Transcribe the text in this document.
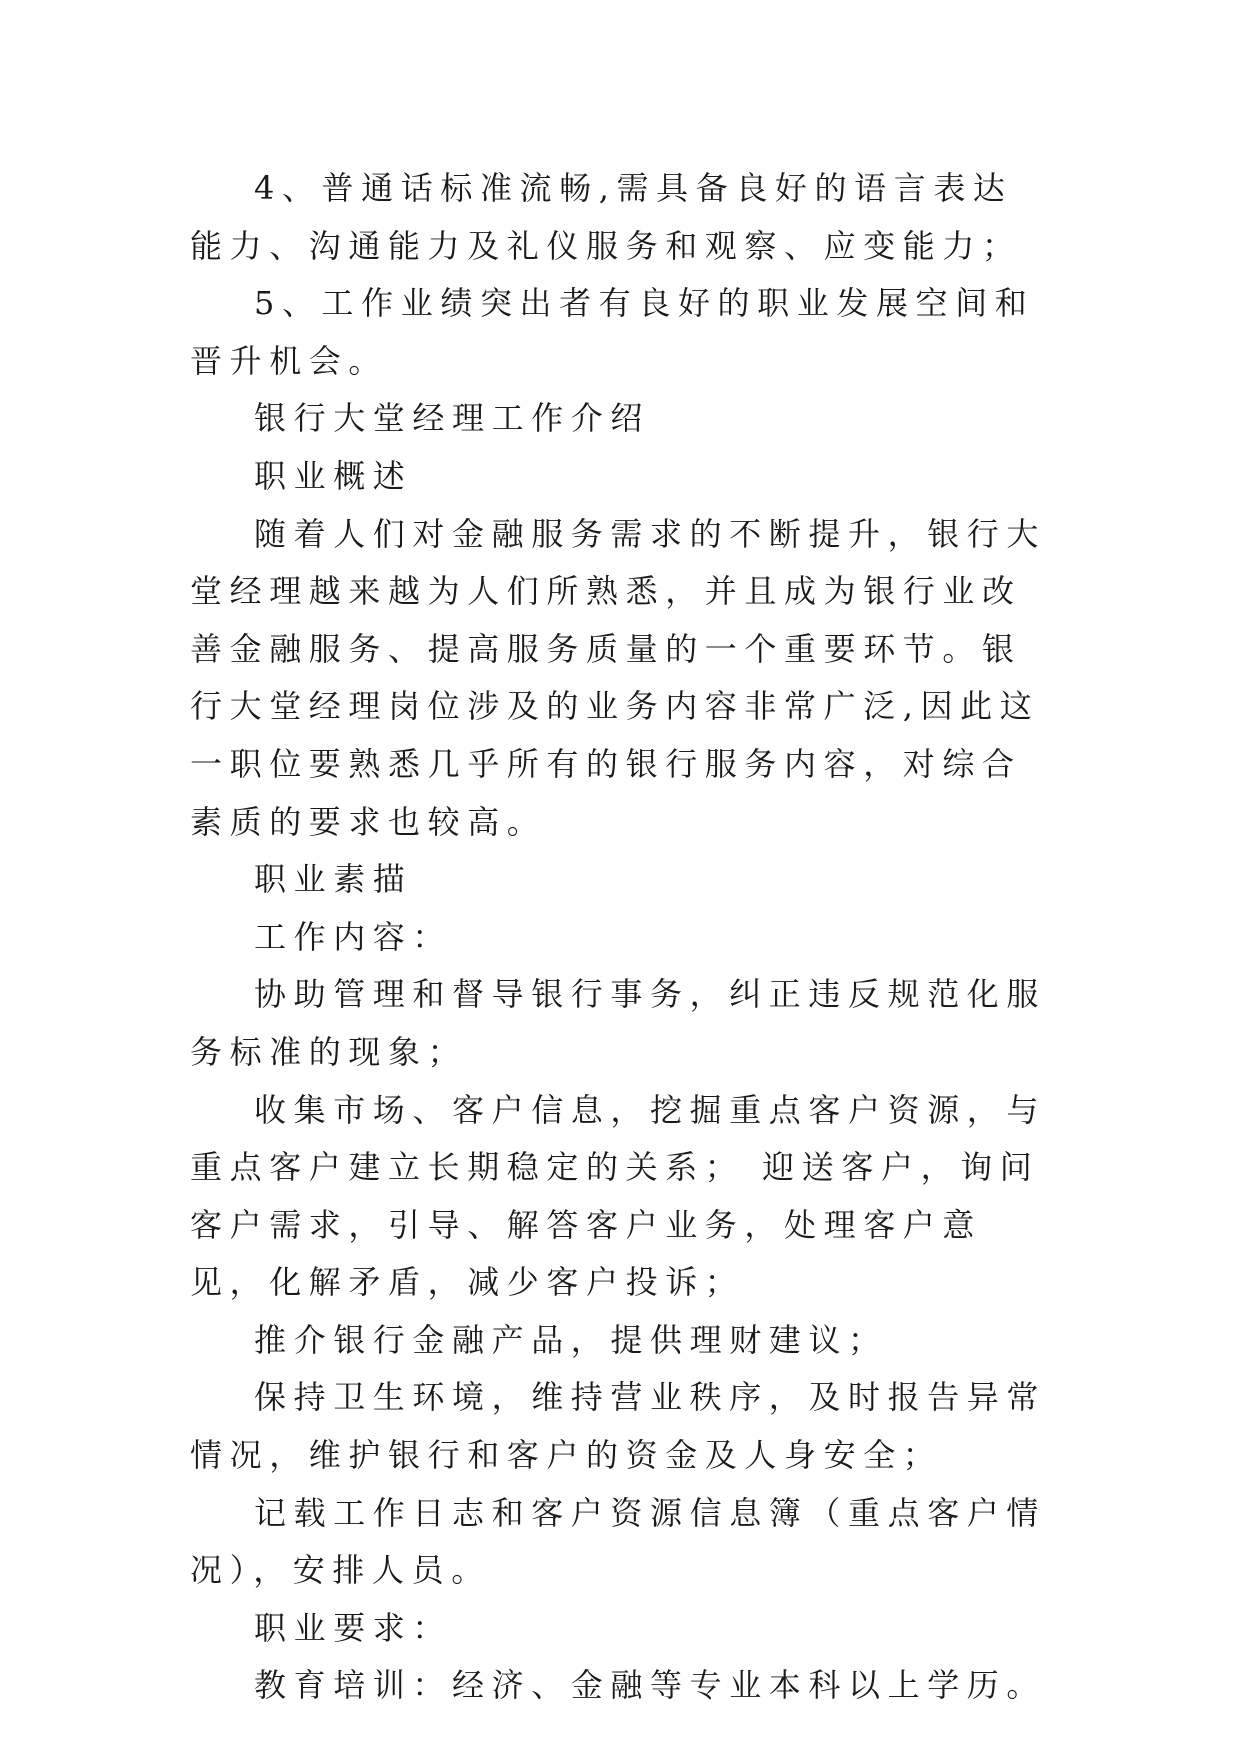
4、普通话标准流畅,需具备良好的语言表达能力、沟通能力及礼仪服务和观察、应变能力；

5、工作业绩突出者有良好的职业发展空间和晋升机会。

银行大堂经理工作介绍

职业概述

随着人们对金融服务需求的不断提升，银行大堂经理越来越为人们所熟悉，并且成为银行业改善金融服务、提高服务质量的一个重要环节。银行大堂经理岗位涉及的业务内容非常广泛,因此这一职位要熟悉几乎所有的银行服务内容，对综合素质的要求也较高。

职业素描

工作内容：

协助管理和督导银行事务，纠正违反规范化服务标准的现象；

收集市场、客户信息，挖掘重点客户资源，与重点客户建立长期稳定的关系； 迎送客户，询问客户需求，引导、解答客户业务，处理客户意见，化解矛盾，减少客户投诉；

推介银行金融产品，提供理财建议；

保持卫生环境，维持营业秩序，及时报告异常情况，维护银行和客户的资金及人身安全；

记载工作日志和客户资源信息簿（重点客户情况），安排人员。

职业要求：

教育培训：经济、金融等专业本科以上学历。
